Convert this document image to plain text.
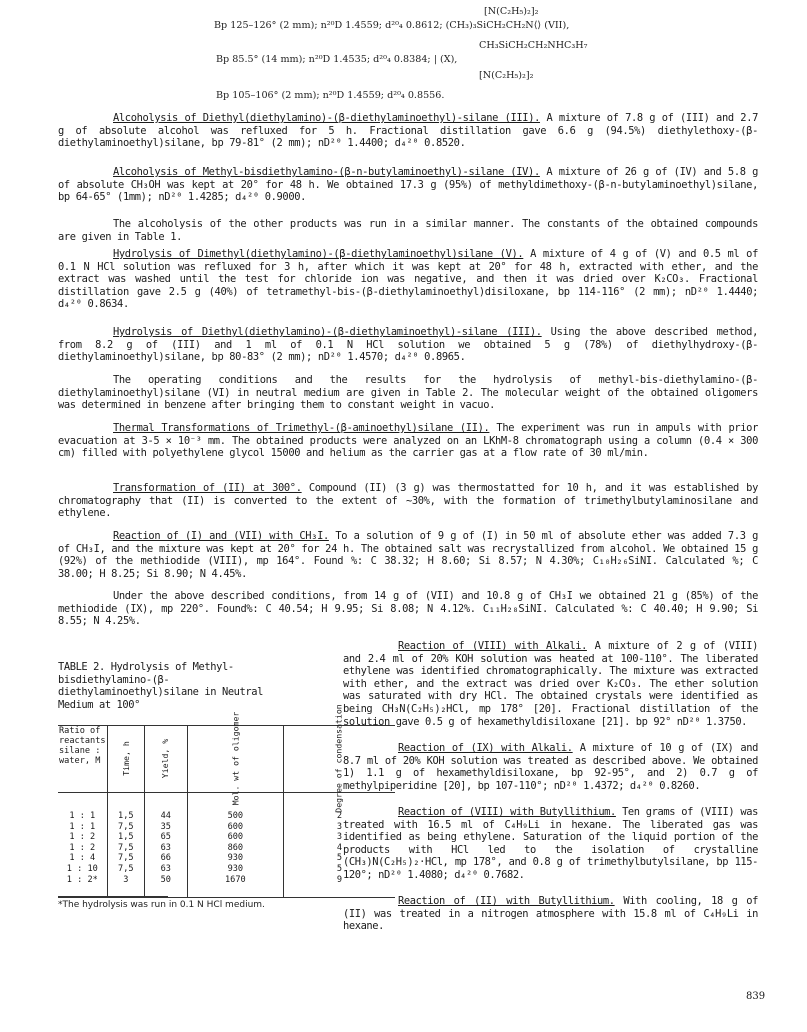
[N(C₂H₅)₂]₂
Bp 125–126° (2 mm); n²⁰D 1.4559; d²⁰₄ 0.8612; (CH₃)₃SiCH₂CH₂N⟨⟩ (VII),
CH₃SiCH₂CH₂NHC₃H₇
Bp 85.5° (14 mm); n²⁰D 1.4535; d²⁰₄ 0.8384; | (X),
[N(C₂H₅)₂]₂
Bp 105–106° (2 mm); n²⁰D 1.4559; d²⁰₄ 0.8556.
Alcoholysis of Diethyl(diethylamino)-(β-diethylaminoethyl)-silane (III). A mixture of 7.8 g of (III) and 2.7 g of absolute alcohol was refluxed for 5 h. Fractional distillation gave 6.6 g (94.5%) diethylethoxy-(β-diethylaminoethyl)silane, bp 79-81° (2 mm); nD²⁰ 1.4400; d₄²⁰ 0.8520.
Alcoholysis of Methyl-bisdiethylamino-(β-n-butylaminoethyl)-silane (IV). A mixture of 26 g of (IV) and 5.8 g of absolute CH₃OH was kept at 20° for 48 h. We obtained 17.3 g (95%) of methyldimethoxy-(β-n-butylaminoethyl)silane, bp 64-65° (1mm); nD²⁰ 1.4285; d₄²⁰ 0.9000.
The alcoholysis of the other products was run in a similar manner. The constants of the obtained compounds are given in Table 1.
Hydrolysis of Dimethyl(diethylamino)-(β-diethylaminoethyl)silane (V). A mixture of 4 g of (V) and 0.5 ml of 0.1 N HCl solution was refluxed for 3 h, after which it was kept at 20° for 48 h, extracted with ether, and the extract was washed until the test for chloride ion was negative, and then it was dried over K₂CO₃. Fractional distillation gave 2.5 g (40%) of tetramethyl-bis-(β-diethylaminoethyl)disiloxane, bp 114-116° (2 mm); nD²⁰ 1.4440; d₄²⁰ 0.8634.
Hydrolysis of Diethyl(diethylamino)-(β-diethylaminoethyl)-silane (III). Using the above described method, from 8.2 g of (III) and 1 ml of 0.1 N HCl solution we obtained 5 g (78%) of diethylhydroxy-(β-diethylaminoethyl)silane, bp 80-83° (2 mm); nD²⁰ 1.4570; d₄²⁰ 0.8965.
The operating conditions and the results for the hydrolysis of methyl-bis-diethylamino-(β-diethylaminoethyl)silane (VI) in neutral medium are given in Table 2. The molecular weight of the obtained oligomers was determined in benzene after bringing them to constant weight in vacuo.
Thermal Transformations of Trimethyl-(β-aminoethyl)silane (II). The experiment was run in ampuls with prior evacuation at 3-5 × 10⁻³ mm. The obtained products were analyzed on an LKhM-8 chromatograph using a column (0.4 × 300 cm) filled with polyethylene glycol 15000 and helium as the carrier gas at a flow rate of 30 ml/min.
Transformation of (II) at 300°. Compound (II) (3 g) was thermostatted for 10 h, and it was established by chromatography that (II) is converted to the extent of ~30%, with the formation of trimethylbutylaminosilane and ethylene.
Reaction of (I) and (VII) with CH₃I. To a solution of 9 g of (I) in 50 ml of absolute ether was added 7.3 g of CH₃I, and the mixture was kept at 20° for 24 h. The obtained salt was recrystallized from alcohol. We obtained 15 g (92%) of the methiodide (VIII), mp 164°. Found %: C 38.32; H 8.60; Si 8.57; N 4.30%; C₁₀H₂₆SiNI. Calculated %; C 38.00; H 8.25; Si 8.90; N 4.45%.
Under the above described conditions, from 14 g of (VII) and 10.8 g of CH₃I we obtained 21 g (85%) of the methiodide (IX), mp 220°. Found%: C 40.54; H 9.95; Si 8.08; N 4.12%. C₁₁H₂₈SiNI. Calculated %: C 40.40; H 9.90; Si 8.55; N 4.25%.
Reaction of (VIII) with Alkali. A mixture of 2 g of (VIII) and 2.4 ml of 20% KOH solution was heated at 100-110°. The liberated ethylene was identified chromatographically. The mixture was extracted with ether, and the extract was dried over K₂CO₃. The ether solution was saturated with dry HCl. The obtained crystals were identified as being CH₃N(C₂H₅)₂HCl, mp 178° [20]. Fractional distillation of the solution gave 0.5 g of hexamethyldisiloxane [21]. bp 92° nD²⁰ 1.3750.
Reaction of (IX) with Alkali. A mixture of 10 g of (IX) and 8.7 ml of 20% KOH solution was treated as described above. We obtained 1) 1.1 g of hexamethyldisiloxane, bp 92-95°, and 2) 0.7 g of methylpiperidine [20], bp 107-110°; nD²⁰ 1.4372; d₄²⁰ 0.8260.
Reaction of (VIII) with Butyllithium. Ten grams of (VIII) was treated with 16.5 ml of C₄H₉Li in hexane. The liberated gas was identified as being ethylene. Saturation of the liquid portion of the products with HCl led to the isolation of crystalline (CH₃)N(C₂H₅)₂·HCl, mp 178°, and 0.8 g of trimethylbutylsilane, bp 115-120°; nD²⁰ 1.4080; d₄²⁰ 0.7682.
Reaction of (II) with Butyllithium. With cooling, 18 g of (II) was treated in a nitrogen atmosphere with 15.8 ml of C₄H₉Li in hexane.
TABLE 2. Hydrolysis of Methyl-bisdiethylamino-(β-diethylaminoethyl)silane in Neutral Medium at 100°
Ratio of reactants silane : water, M	Time, h	Yield, %	Mol. wt of oligomer	Degree of condensation
1 : 1	1,5	44	500	2
1 : 1	7,5	35	600	3
1 : 2	1,5	65	600	3
1 : 2	7,5	63	860	4
1 : 4	7,5	66	930	5
1 : 10	7,5	63	930	5
1 : 2*	3	50	1670	9
*The hydrolysis was run in 0.1 N HCl medium.
839
